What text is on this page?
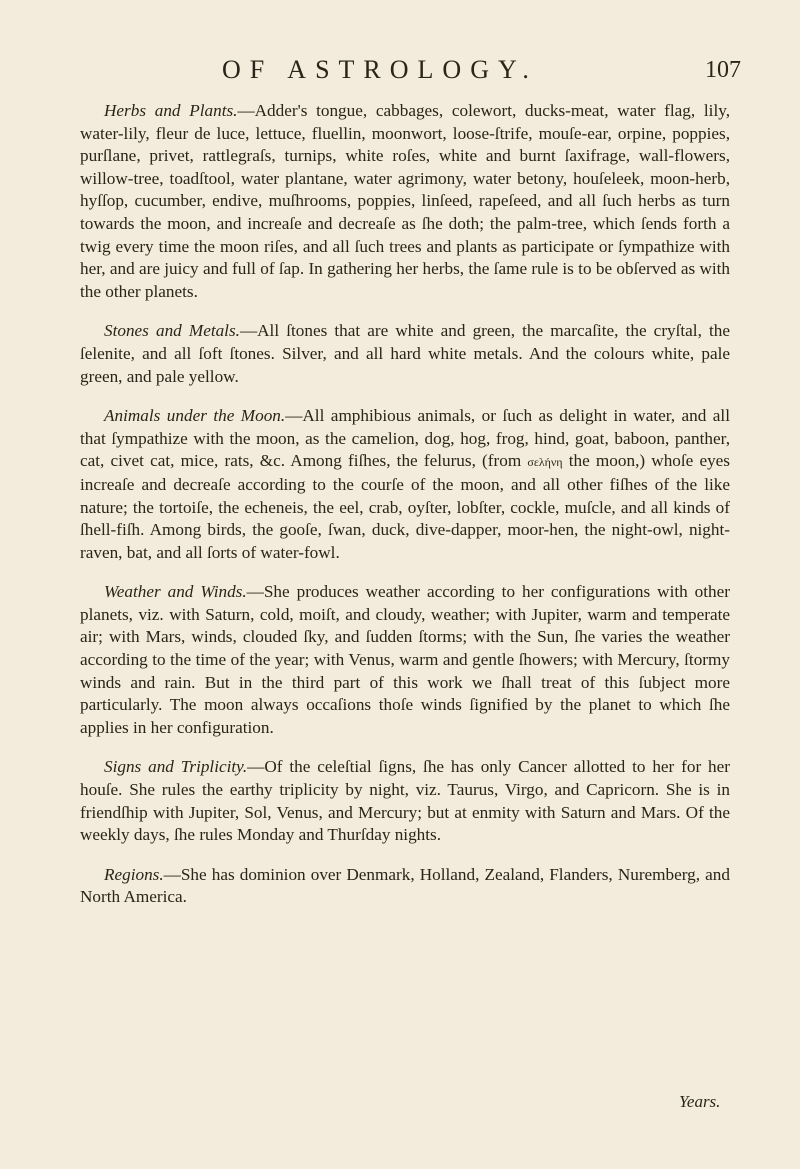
OF ASTROLOGY.	107

Herbs and Plants.—Adder's tongue, cabbages, colewort, ducks-meat, water flag, lily, water-lily, fleur de luce, lettuce, fluellin, moonwort, loose-ſtrife, mouſe-ear, orpine, poppies, purſlane, privet, rattlegraſs, turnips, white roſes, white and burnt ſaxifrage, wall-flowers, willow-tree, toadſtool, water plantane, water agrimony, water betony, houſeleek, moon-herb, hyſſop, cucumber, endive, muſhrooms, poppies, linſeed, rapeſeed, and all ſuch herbs as turn towards the moon, and increaſe and decreaſe as ſhe doth; the palm-tree, which ſends forth a twig every time the moon riſes, and all ſuch trees and plants as participate or ſympathize with her, and are juicy and full of ſap. In gathering her herbs, the ſame rule is to be obſerved as with the other planets.

Stones and Metals.—All ſtones that are white and green, the marcaſite, the cryſtal, the ſelenite, and all ſoft ſtones. Silver, and all hard white metals. And the colours white, pale green, and pale yellow.

Animals under the Moon.—All amphibious animals, or ſuch as delight in water, and all that ſympathize with the moon, as the camelion, dog, hog, frog, hind, goat, baboon, panther, cat, civet cat, mice, rats, &c. Among fiſhes, the felurus, (from σελήνη the moon,) whoſe eyes increaſe and decreaſe according to the courſe of the moon, and all other fiſhes of the like nature; the tortoiſe, the echeneis, the eel, crab, oyſter, lobſter, cockle, muſcle, and all kinds of ſhell-fiſh. Among birds, the gooſe, ſwan, duck, dive-dapper, moor-hen, the night-owl, night-raven, bat, and all ſorts of water-fowl.

Weather and Winds.—She produces weather according to her configurations with other planets, viz. with Saturn, cold, moiſt, and cloudy, weather; with Jupiter, warm and temperate air; with Mars, winds, clouded ſky, and ſudden ſtorms; with the Sun, ſhe varies the weather according to the time of the year; with Venus, warm and gentle ſhowers; with Mercury, ſtormy winds and rain. But in the third part of this work we ſhall treat of this ſubject more particularly. The moon always occaſions thoſe winds ſignified by the planet to which ſhe applies in her configuration.

Signs and Triplicity.—Of the celeſtial ſigns, ſhe has only Cancer allotted to her for her houſe. She rules the earthy triplicity by night, viz. Taurus, Virgo, and Capricorn. She is in friendſhip with Jupiter, Sol, Venus, and Mercury; but at enmity with Saturn and Mars. Of the weekly days, ſhe rules Monday and Thurſday nights.

Regions.—She has dominion over Denmark, Holland, Zealand, Flanders, Nuremberg, and North America.

Years.
